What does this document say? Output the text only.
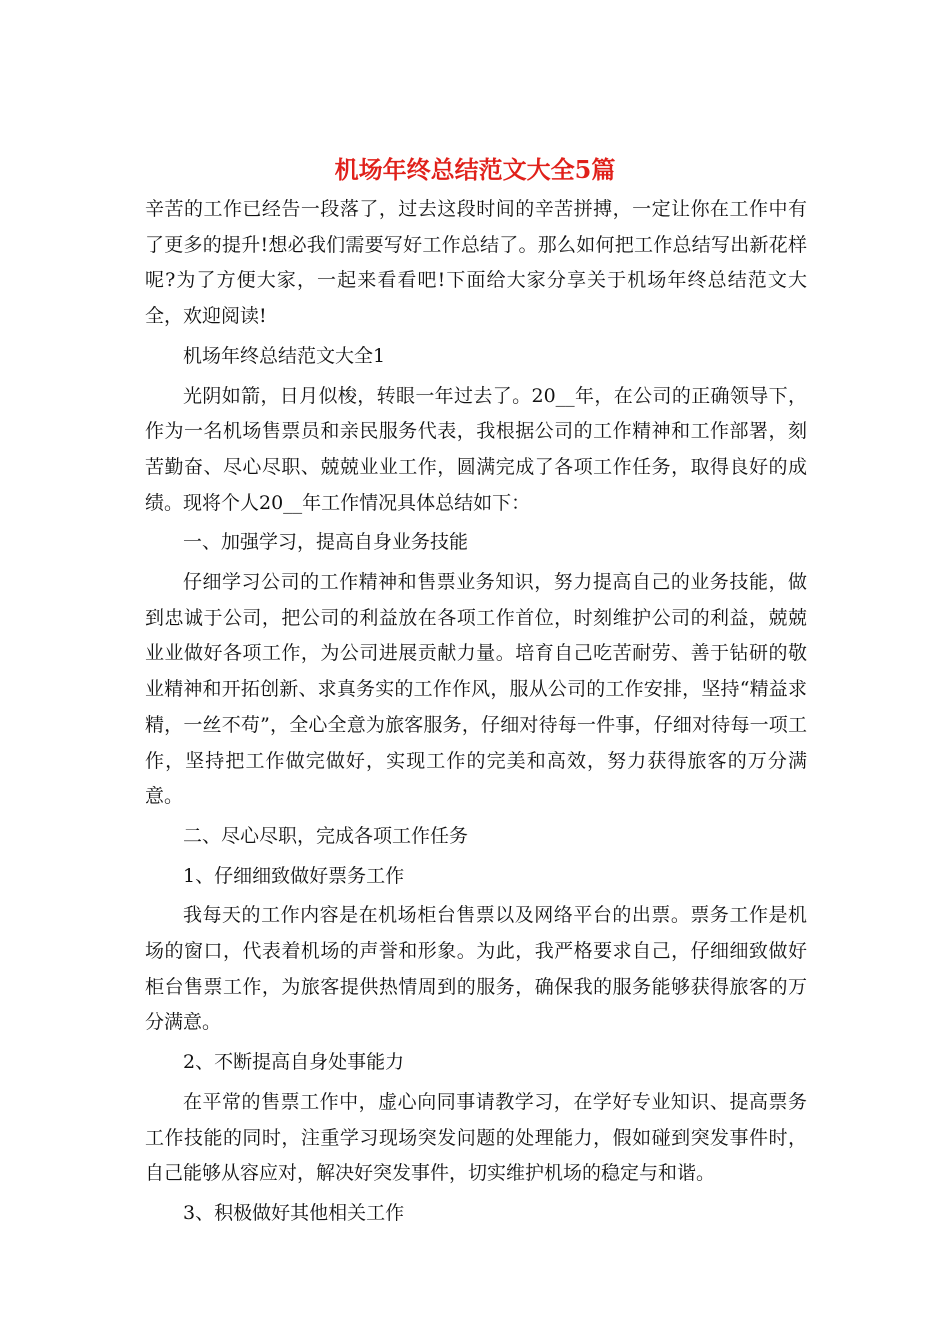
机场年终总结范文大全5篇

辛苦的工作已经告一段落了，过去这段时间的辛苦拼搏，一定让你在工作中有了更多的提升!想必我们需要写好工作总结了。那么如何把工作总结写出新花样呢?为了方便大家，一起来看看吧!下面给大家分享关于机场年终总结范文大全，欢迎阅读!

机场年终总结范文大全1

光阴如箭，日月似梭，转眼一年过去了。20__年，在公司的正确领导下，作为一名机场售票员和亲民服务代表，我根据公司的工作精神和工作部署，刻苦勤奋、尽心尽职、兢兢业业工作，圆满完成了各项工作任务，取得良好的成绩。现将个人20__年工作情况具体总结如下：

一、加强学习，提高自身业务技能

仔细学习公司的工作精神和售票业务知识，努力提高自己的业务技能，做到忠诚于公司，把公司的利益放在各项工作首位，时刻维护公司的利益，兢兢业业做好各项工作，为公司进展贡献力量。培育自己吃苦耐劳、善于钻研的敬业精神和开拓创新、求真务实的工作作风，服从公司的工作安排，坚持“精益求精，一丝不苟”，全心全意为旅客服务，仔细对待每一件事，仔细对待每一项工作，坚持把工作做完做好，实现工作的完美和高效，努力获得旅客的万分满意。

二、尽心尽职，完成各项工作任务

1、仔细细致做好票务工作

我每天的工作内容是在机场柜台售票以及网络平台的出票。票务工作是机场的窗口，代表着机场的声誉和形象。为此，我严格要求自己，仔细细致做好柜台售票工作，为旅客提供热情周到的服务，确保我的服务能够获得旅客的万分满意。

2、不断提高自身处事能力

在平常的售票工作中，虚心向同事请教学习，在学好专业知识、提高票务工作技能的同时，注重学习现场突发问题的处理能力，假如碰到突发事件时，自己能够从容应对，解决好突发事件，切实维护机场的稳定与和谐。

3、积极做好其他相关工作
